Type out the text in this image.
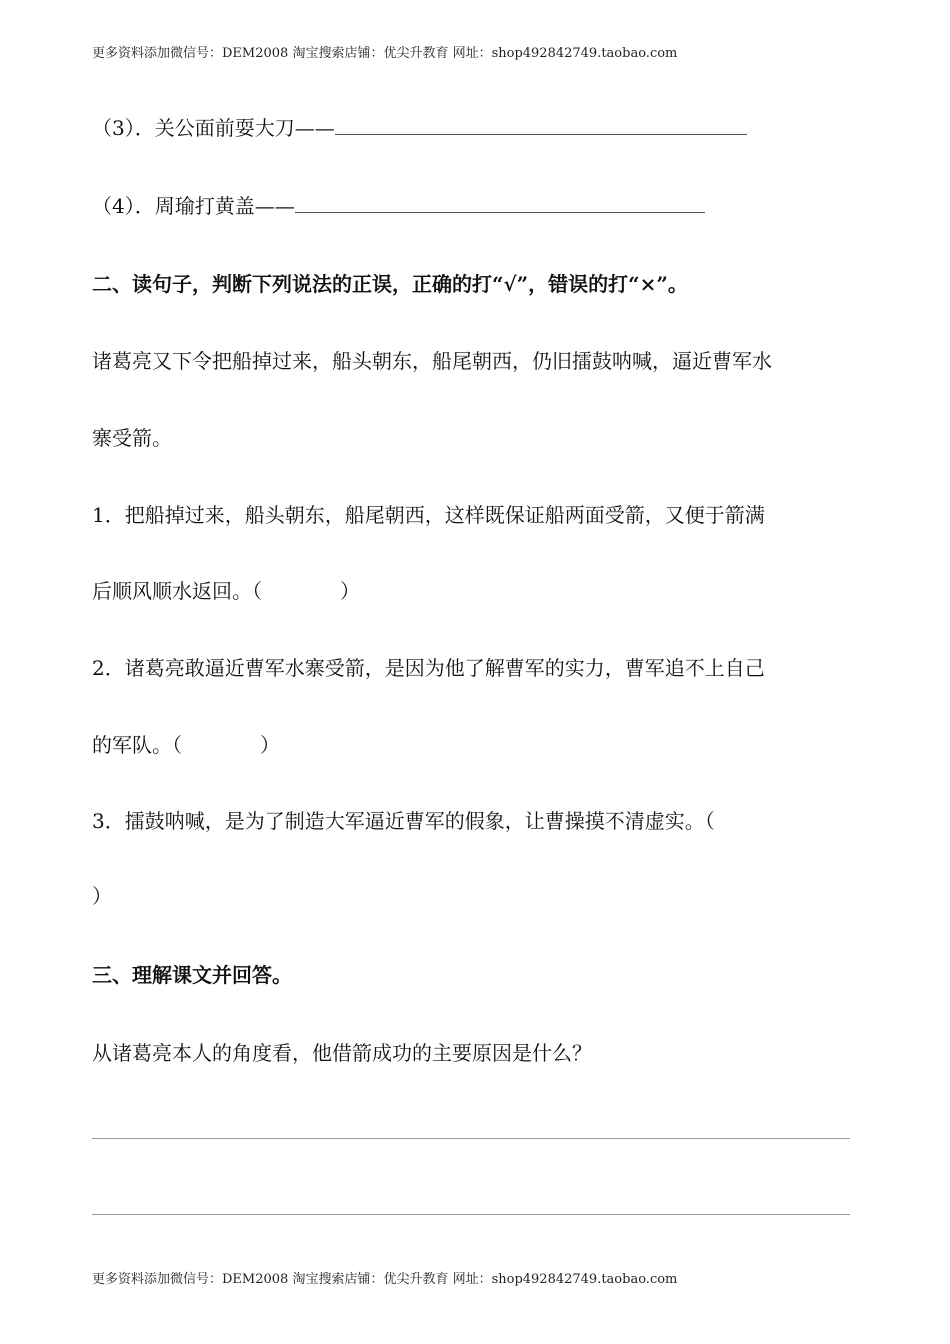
更多资料添加微信号：DEM2008 淘宝搜索店铺：优尖升教育 网址：shop492842749.taobao.com
（3）．关公面前耍大刀——
（4）．周瑜打黄盖——
二、读句子，判断下列说法的正误，正确的打“√”，错误的打“×”。
诸葛亮又下令把船掉过来，船头朝东，船尾朝西，仍旧擂鼓呐喊，逼近曹军水
寨受箭。
1．把船掉过来，船头朝东，船尾朝西，这样既保证船两面受箭，又便于箭满
后顺风顺水返回。（	）
2．诸葛亮敢逼近曹军水寨受箭，是因为他了解曹军的实力，曹军追不上自己
的军队。（	）
3．擂鼓呐喊，是为了制造大军逼近曹军的假象，让曹操摸不清虚实。（
）
三、理解课文并回答。
从诸葛亮本人的角度看，他借箭成功的主要原因是什么？
更多资料添加微信号：DEM2008 淘宝搜索店铺：优尖升教育 网址：shop492842749.taobao.com
